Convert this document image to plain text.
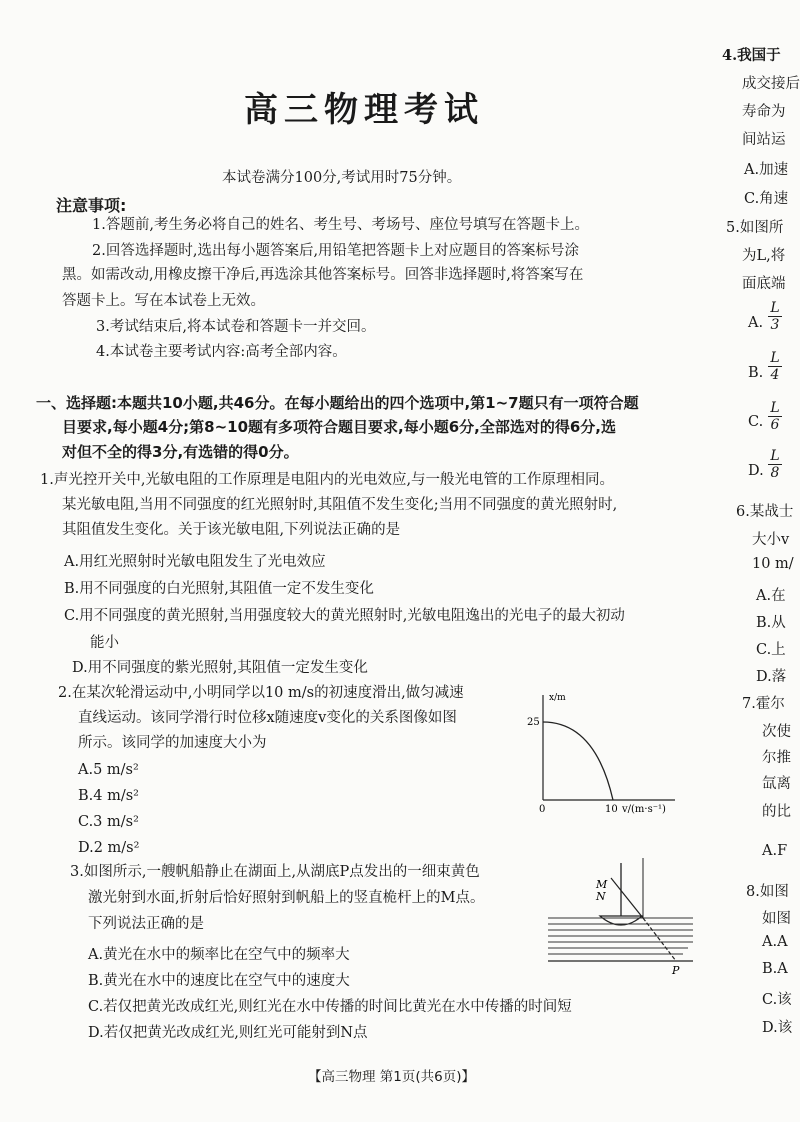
高三物理考试
本试卷满分100分,考试用时75分钟。
注意事项:
1.答题前,考生务必将自己的姓名、考生号、考场号、座位号填写在答题卡上。
2.回答选择题时,选出每小题答案后,用铅笔把答题卡上对应题目的答案标号涂
黑。如需改动,用橡皮擦干净后,再选涂其他答案标号。回答非选择题时,将答案写在
答题卡上。写在本试卷上无效。
3.考试结束后,将本试卷和答题卡一并交回。
4.本试卷主要考试内容:高考全部内容。
一、选择题:本题共10小题,共46分。在每小题给出的四个选项中,第1~7题只有一项符合题
目要求,每小题4分;第8~10题有多项符合题目要求,每小题6分,全部选对的得6分,选
对但不全的得3分,有选错的得0分。
1.声光控开关中,光敏电阻的工作原理是电阻内的光电效应,与一般光电管的工作原理相同。
某光敏电阻,当用不同强度的红光照射时,其阻值不发生变化;当用不同强度的黄光照射时,
其阻值发生变化。关于该光敏电阻,下列说法正确的是
A.用红光照射时光敏电阻发生了光电效应
B.用不同强度的白光照射,其阻值一定不发生变化
C.用不同强度的黄光照射,当用强度较大的黄光照射时,光敏电阻逸出的光电子的最大初动
能小
D.用不同强度的紫光照射,其阻值一定发生变化
2.在某次轮滑运动中,小明同学以10 m/s的初速度滑出,做匀减速
直线运动。该同学滑行时位移x随速度v变化的关系图像如图
所示。该同学的加速度大小为
A.5 m/s²
B.4 m/s²
C.3 m/s²
D.2 m/s²
x/m
25
0	10 v/(m·s⁻¹)
3.如图所示,一艘帆船静止在湖面上,从湖底P点发出的一细束黄色
激光射到水面,折射后恰好照射到帆船上的竖直桅杆上的M点。
下列说法正确的是
A.黄光在水中的频率比在空气中的频率大
B.黄光在水中的速度比在空气中的速度大
C.若仅把黄光改成红光,则红光在水中传播的时间比黄光在水中传播的时间短
D.若仅把黄光改成红光,则红光可能射到N点
M
N
P
【高三物理 第1页(共6页)】
4.我国于
成交接后
寿命为
间站运
A.加速
C.角速
5.如图所
为L,将
面底端
A. $\frac{L}{3}$
B. $\frac{L}{4}$
C. $\frac{L}{6}$
D. $\frac{L}{8}$
6.某战士
大小v
10 m/
A.在
B.从
C.上
D.落
7.霍尔
次使
尔推
氙离
的比
A.F
8.如图
如图
A.A
B.A
C.该
D.该
